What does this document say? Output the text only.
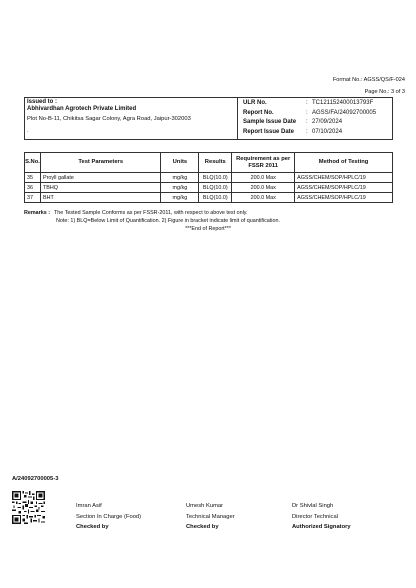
Format No.: AGSS/QS/F-024
Page No.: 3 of 3
Issued to :
Abhivardhan Agrotech Private Limited
Plot No-B-11, Chikitsa Sagar Colony, Agra Road, Jaipur-302003
.
ULR No.	: TC121152400013793F
Report No.	: AGSS/FA/24092700005
Sample Issue Date : 27/09/2024
Report Issue Date : 07/10/2024
S.No.	Test Parameters	Units	Results	Requirement as per FSSR 2011	Method of Testing
35	Proyll gallate	mg/kg	BLQ(10.0)	200.0 Max	AGSS/CHEM/SOP/HPLC/19
36	TBHQ	mg/kg	BLQ(10.0)	200.0 Max	AGSS/CHEM/SOP/HPLC/19
37	BHT	mg/kg	BLQ(10.0)	200.0 Max	AGSS/CHEM/SOP/HPLC/19
Remarks : The Tested Sample Conforms as per FSSR-2011, with respect to above test only.
Note: 1) BLQ=Below Limit of Quantification. 2) Figure in bracket indicate limit of quantification.
***End of Report***
A/24092700005-3
Imran Asif
Section In Charge (Food)
Checked by
Umesh Kumar
Technical Manager
Checked by
Dr Shivlal Singh
Director Technical
Authorized Signatory
